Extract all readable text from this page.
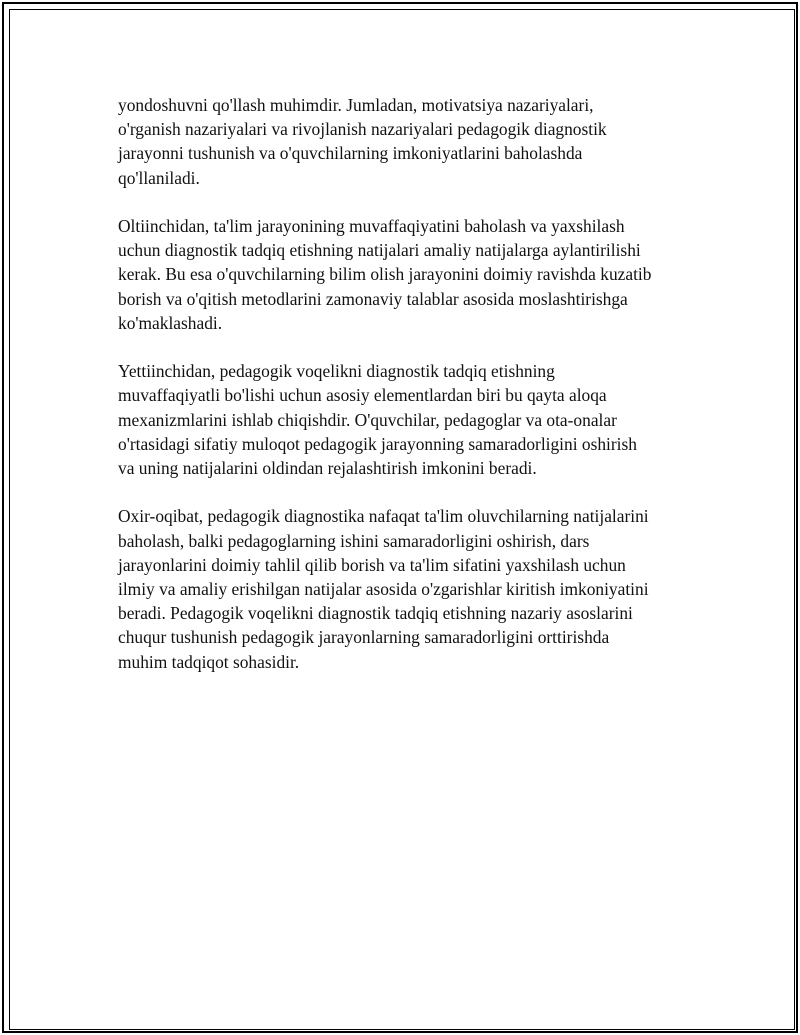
yondoshuvni qo'llash muhimdir. Jumladan, motivatsiya nazariyalari,
o'rganish nazariyalari va rivojlanish nazariyalari pedagogik diagnostik
jarayonni tushunish va o'quvchilarning imkoniyatlarini baholashda
qo'llaniladi.

Oltiinchidan, ta'lim jarayonining muvaffaqiyatini baholash va yaxshilash
uchun diagnostik tadqiq etishning natijalari amaliy natijalarga aylantirilishi
kerak. Bu esa o'quvchilarning bilim olish jarayonini doimiy ravishda kuzatib
borish va o'qitish metodlarini zamonaviy talablar asosida moslashtirishga
ko'maklashadi.

Yettiinchidan, pedagogik voqelikni diagnostik tadqiq etishning
muvaffaqiyatli bo'lishi uchun asosiy elementlardan biri bu qayta aloqa
mexanizmlarini ishlab chiqishdir. O'quvchilar, pedagoglar va ota-onalar
o'rtasidagi sifatiy muloqot pedagogik jarayonning samaradorligini oshirish
va uning natijalarini oldindan rejalashtirish imkonini beradi.

Oxir-oqibat, pedagogik diagnostika nafaqat ta'lim oluvchilarning natijalarini
baholash, balki pedagoglarning ishini samaradorligini oshirish, dars
jarayonlarini doimiy tahlil qilib borish va ta'lim sifatini yaxshilash uchun
ilmiy va amaliy erishilgan natijalar asosida o'zgarishlar kiritish imkoniyatini
beradi. Pedagogik voqelikni diagnostik tadqiq etishning nazariy asoslarini
chuqur tushunish pedagogik jarayonlarning samaradorligini orttirishda
muhim tadqiqot sohasidir.
